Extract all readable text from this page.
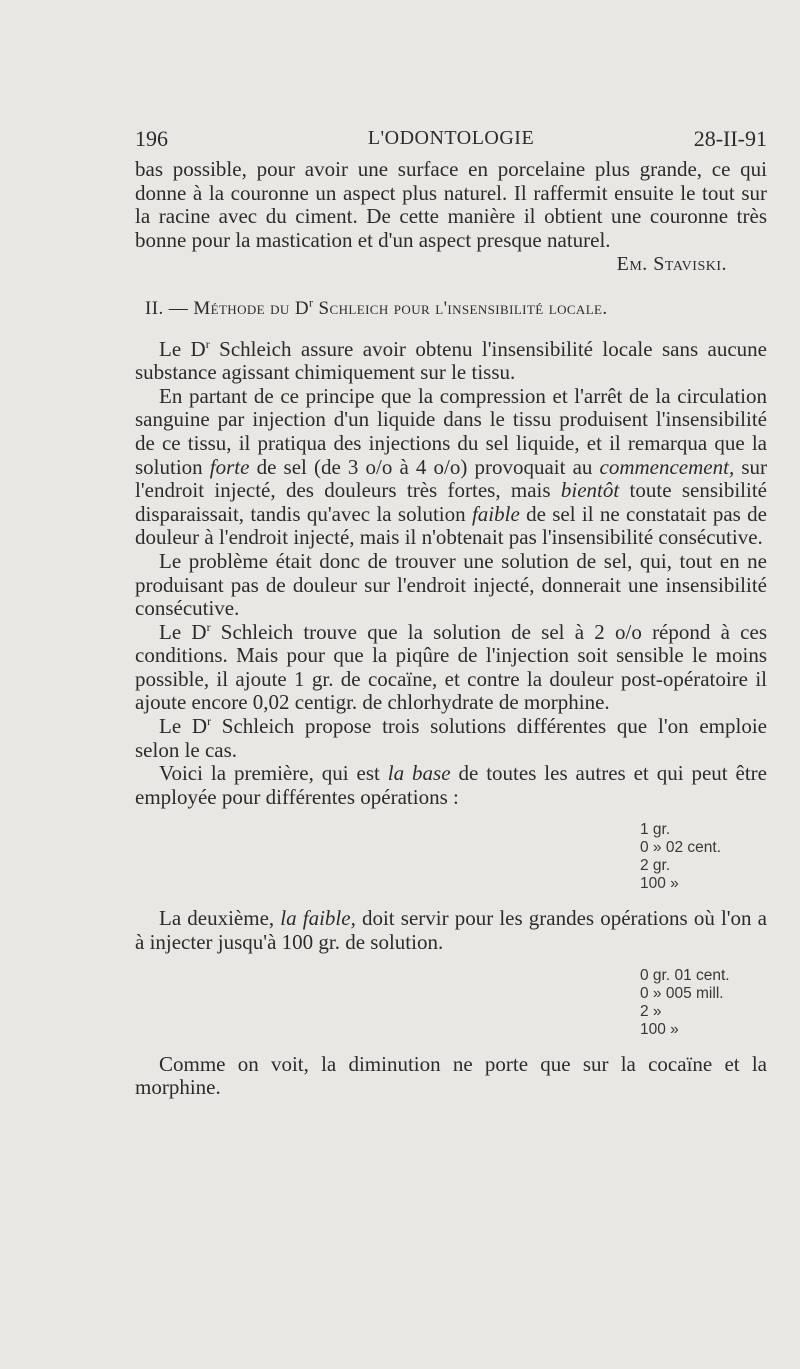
196	L'ODONTOLOGIE	28-II-91

bas possible, pour avoir une surface en porcelaine plus grande, ce qui donne à la couronne un aspect plus naturel. Il raffermit ensuite le tout sur la racine avec du ciment. De cette manière il obtient une couronne très bonne pour la mastication et d'un aspect presque naturel.

Em. Staviski.
II. — Méthode du $D^r$ Schleich pour l'insensibilité locale.

Le $D^r$ Schleich assure avoir obtenu l'insensibilité locale sans aucune substance agissant chimiquement sur le tissu.

En partant de ce principe que la compression et l'arrêt de la circulation sanguine par injection d'un liquide dans le tissu produisent l'insensibilité de ce tissu, il pratiqua des injections du sel liquide, et il remarqua que la solution forte de sel (de 3 o/o à 4 o/o) provoquait au commencement, sur l'endroit injecté, des douleurs très fortes, mais bientôt toute sensibilité disparaissait, tandis qu'avec la solution faible de sel il ne constatait pas de douleur à l'endroit injecté, mais il n'obtenait pas l'insensibilité consécutive.

Le problème était donc de trouver une solution de sel, qui, tout en ne produisant pas de douleur sur l'endroit injecté, donnerait une insensibilité consécutive.

Le $D^r$ Schleich trouve que la solution de sel à 2 o/o répond à ces conditions. Mais pour que la piqûre de l'injection soit sensible le moins possible, il ajoute 1 gr. de cocaïne, et contre la douleur post-opératoire il ajoute encore 0,02 centigr. de chlorhydrate de morphine.

Le $D^r$ Schleich propose trois solutions différentes que l'on emploie selon le cas.

Voici la première, qui est la base de toutes les autres et qui peut être employée pour différentes opérations :

1 gr.
0 » 02 cent.
2 gr.
100 »

La deuxième, la faible, doit servir pour les grandes opérations où l'on a à injecter jusqu'à 100 gr. de solution.

0 gr. 01 cent.
0 » 005 mill.
2 »
100 »

Comme on voit, la diminution ne porte que sur la cocaïne et la morphine.
